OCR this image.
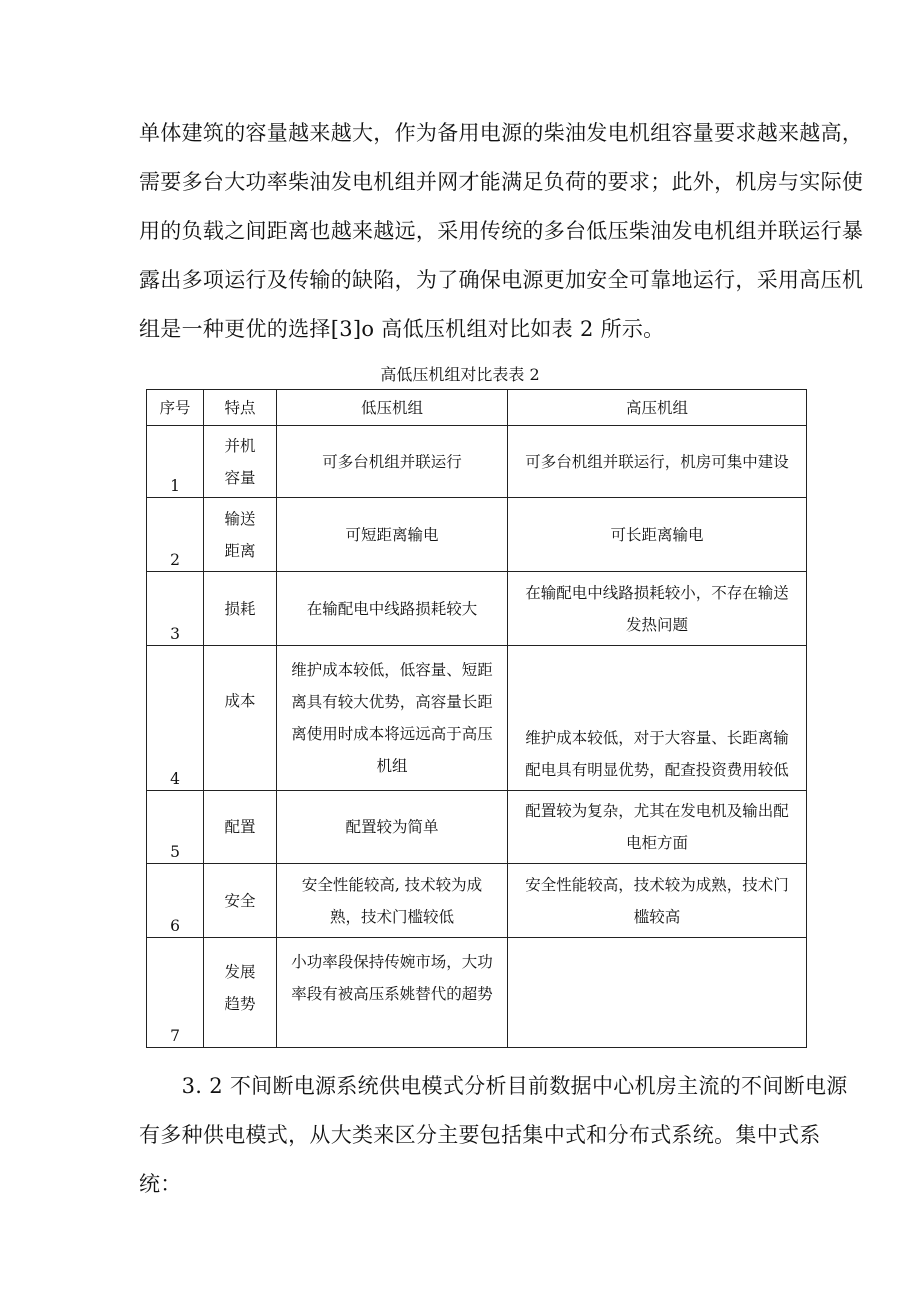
单体建筑的容量越来越大，作为备用电源的柴油发电机组容量要求越来越高，
需要多台大功率柴油发电机组并网才能满足负荷的要求；此外，机房与实际使
用的负载之间距离也越来越远，采用传统的多台低压柴油发电机组并联运行暴
露出多项运行及传输的缺陷，为了确保电源更加安全可靠地运行，采用高压机
组是一种更优的选择[3]o 高低压机组对比如表 2 所示。
高低压机组对比表表 2
序号	特点	低压机组	高压机组

1	并机
容量	可多台机组并联运行	可多台机组并联运行，机房可集中建设

2	输送
距离	可短距离输电	可长距离输电

3	损耗	在输配电中线路损耗较大	在输配电中线路损耗较小，不存在输送
发热问题

4	成本	维护成本较低，低容量、短距
离具有较大优势，高容量长距
离使用时成本将远远高于高压
机组	维护成本较低，对于大容量、长距离输
配电具有明显优势，配查投资费用较低

5	配置	配置较为简单	配置较为复杂，尤其在发电机及输出配
电柜方面

6	安全	安全性能较高, 技术较为成
熟，技术门槛较低	安全性能较高，技术较为成熟，技术门
槛较高

7	发展
趋势	小功率段保持传婉市场，大功
率段有被高压系姚替代的超势	

　　3. 2 不间断电源系统供电模式分析目前数据中心机房主流的不间断电源
有多种供电模式，从大类来区分主要包括集中式和分布式系统。集中式系
统：
